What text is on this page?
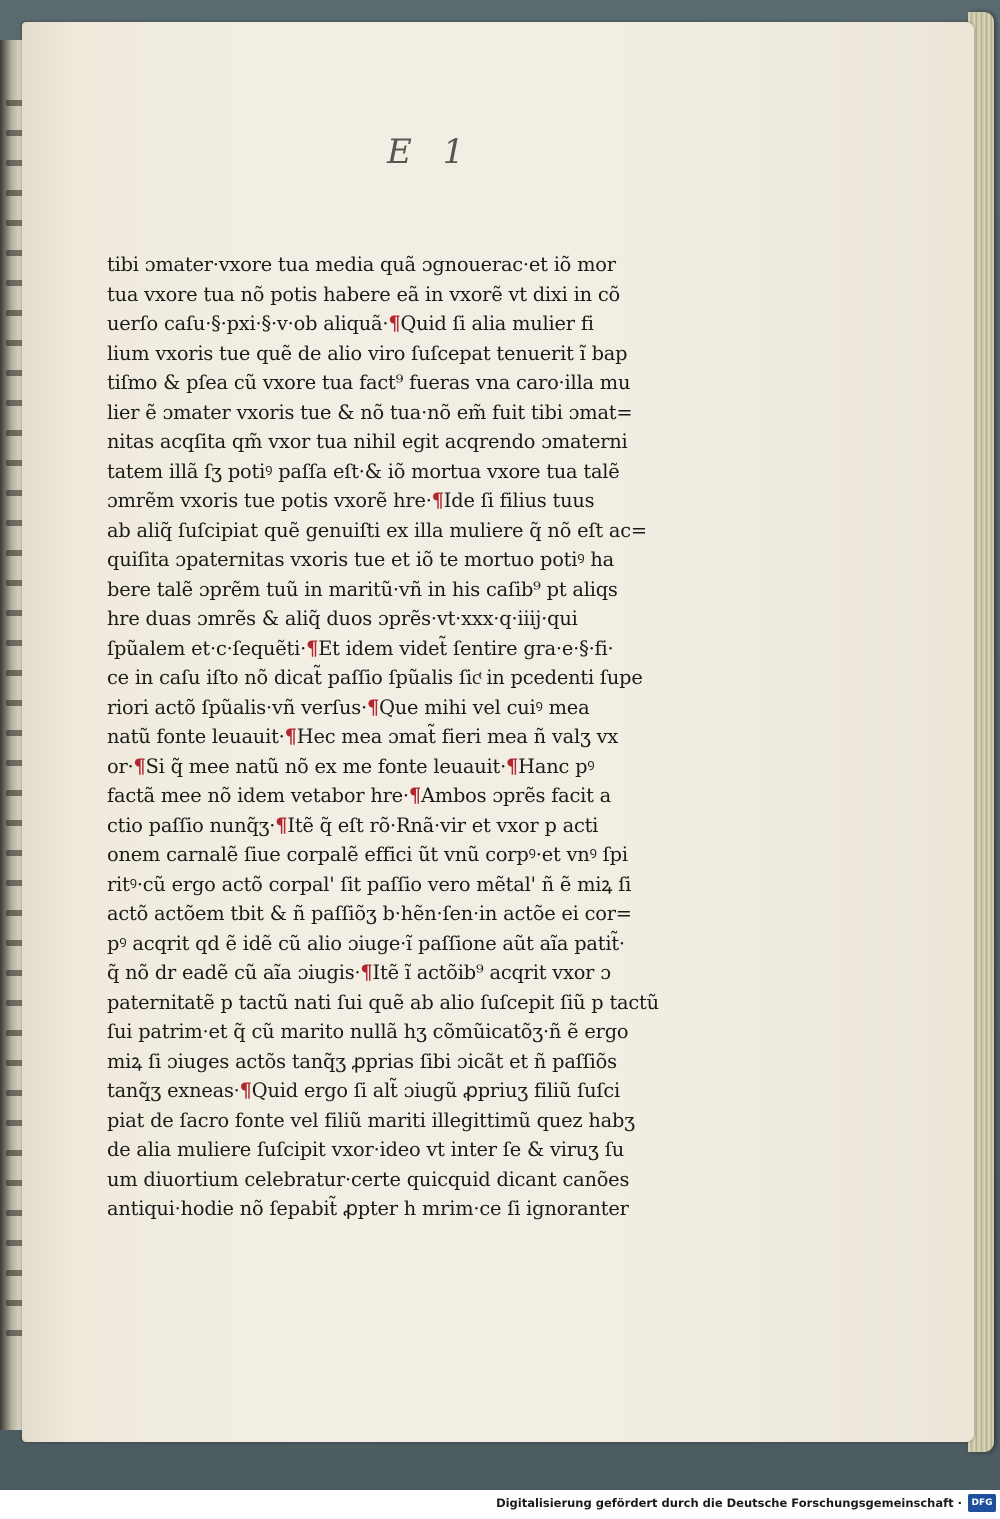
E 1
tibi ɔmater·vxore tua media quã ɔgnouerас·et iõ mor
tua vxore tua nõ potis habere eã in vxorẽ vt dixi in cõ
uerſo caſu·§·pxi·§·v·ob aliquã·¶Quid ſi alia mulier fi
lium vxoris tue quẽ de alio viro ſuſcepat tenuerit ĩ bap
tiſmo & pſea cũ vxore tua fact⁹ fueras vna caro·illa mu
lier ẽ ɔmater vxoris tue & nõ tua·nõ em̃ fuit tibi ɔmat=
nitas acqſita qm̃ vxor tua nihil egit acqrendo ɔmaterni
tatem illã ſʒ potiꝰ paſſa eſt·& iõ mortua vxore tua talẽ
ɔmrẽm vxoris tue potis vxorẽ hre·¶Ide ſi filius tuus
ab aliq̃ ſuſcipiat quẽ genuiſti ex illa muliere q̃ nõ eſt ac=
quiſita ɔpaternitas vxoris tue et iõ te mortuo potiꝰ ha
bere talẽ ɔprẽm tuũ in maritũ·vñ in his caſib⁹ pt aliqs
hre duas ɔmrẽs & aliq̃ duos ɔprẽs·vt·xxx·q·iiij·qui
ſpũalem et·c·ſequẽti·¶Et idem videt̃ ſentire gra·e·§·fi·
ce in caſu iſto nõ dicat̃ paſſio ſpũalis ſicͭ in pcedenti ſupe
riori actõ ſpũalis·vñ verſus·¶Que mihi vel cuiꝰ mea
natũ fonte leuauit·¶Hec mea ɔmat̃ fieri mea ñ valʒ vx
or·¶Si q̃ mee natũ nõ ex me fonte leuauit·¶Hanc pꝰ
factã mee nõ idem vetabor hre·¶Ambos ɔprẽs facit a
ctio paſſio nunq̃ʒ·¶Itẽ q̃ eſt rõ·Rnã·vir et vxor p acti
onem carnalẽ ſiue corpalẽ effici ũt vnũ corpꝰ·et vnꝰ ſpi
ritꝰ·cũ ergo actõ corpal' ſit paſſio vero mẽtal' ñ ẽ miꝝ ſi
actõ actõem tbit & ñ paſſiõʒ b·hẽn·ſen·in actõe ei cor=
pꝰ acqrit qd ẽ idẽ cũ alio ɔiuge·ĩ paſſione aũt aĩa patit̃·
q̃ nõ dr eadẽ cũ aĩa ɔiugis·¶Itẽ ĩ actõib⁹ acqrit vxor ɔ
paternitatẽ p tactũ nati ſui quẽ ab alio ſuſcepit ſiũ p tactũ
ſui patrim·et q̃ cũ marito nullã hʒ cõmũicatõʒ·ñ ẽ ergo
miꝝ ſi ɔiuges actõs tanq̃ʒ ꝓprias ſibi ɔicãt et ñ paſſiõs
tanq̃ʒ exneas·¶Quid ergo ſi alt̃ ɔiugũ ꝓpriuʒ filiũ ſuſci
piat de ſacro fonte vel filiũ mariti illegittimũ quez habʒ
de alia muliere ſuſcipit vxor·ideo vt inter ſe & viruʒ ſu
um diuortium celebratur·certe quicquid dicant canões
antiqui·hodie nõ ſepabit̃ ꝓpter h mrim·ce ſi ignoranter
Digitalisierung gefördert durch die Deutsche Forschungsgemeinschaft ·	DFG
